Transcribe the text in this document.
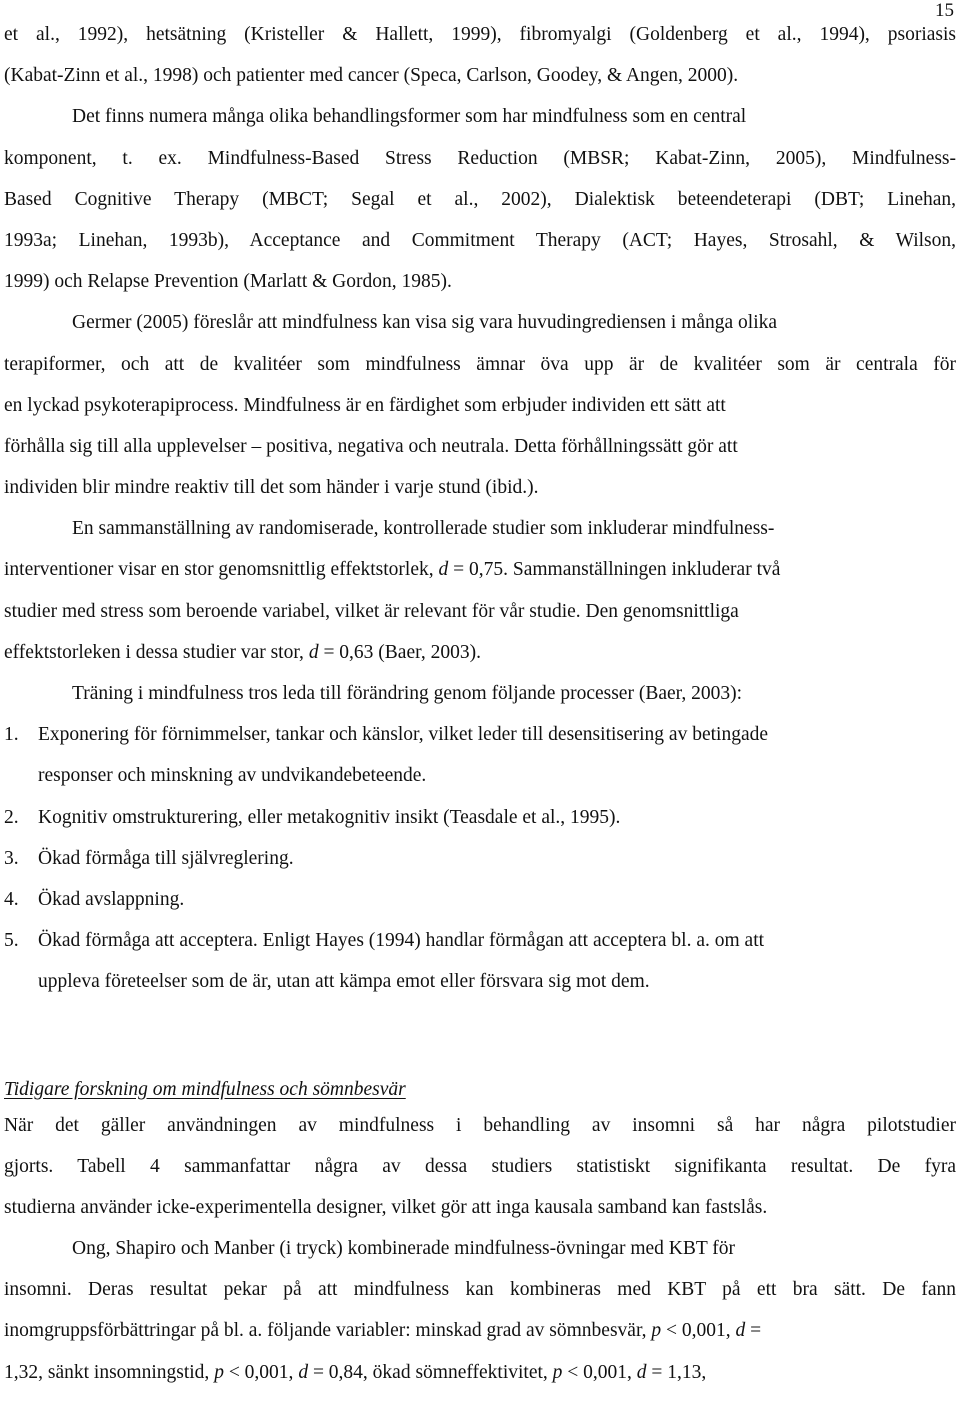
15
et al., 1992), hetsätning (Kristeller & Hallett, 1999), fibromyalgi (Goldenberg et al., 1994), psoriasis
(Kabat-Zinn et al., 1998) och patienter med cancer (Speca, Carlson, Goodey, & Angen, 2000).
Det finns numera många olika behandlingsformer som har mindfulness som en central
komponent, t. ex. Mindfulness-Based Stress Reduction (MBSR; Kabat-Zinn, 2005), Mindfulness-
Based Cognitive Therapy (MBCT; Segal et al., 2002), Dialektisk beteendeterapi (DBT; Linehan,
1993a; Linehan, 1993b), Acceptance and Commitment Therapy (ACT; Hayes, Strosahl, & Wilson,
1999) och Relapse Prevention (Marlatt & Gordon, 1985).
Germer (2005) föreslår att mindfulness kan visa sig vara huvudingrediensen i många olika
terapiformer, och att de kvalitéer som mindfulness ämnar öva upp är de kvalitéer som är centrala för
en lyckad psykoterapiprocess. Mindfulness är en färdighet som erbjuder individen ett sätt att
förhålla sig till alla upplevelser – positiva, negativa och neutrala. Detta förhållningssätt gör att
individen blir mindre reaktiv till det som händer i varje stund (ibid.).
En sammanställning av randomiserade, kontrollerade studier som inkluderar mindfulness-
interventioner visar en stor genomsnittlig effektstorlek, d = 0,75. Sammanställningen inkluderar två
studier med stress som beroende variabel, vilket är relevant för vår studie. Den genomsnittliga
effektstorleken i dessa studier var stor, d = 0,63 (Baer, 2003).
Träning i mindfulness tros leda till förändring genom följande processer (Baer, 2003):
1. Exponering för förnimmelser, tankar och känslor, vilket leder till desensitisering av betingade
responser och minskning av undvikandebeteende.
2. Kognitiv omstrukturering, eller metakognitiv insikt (Teasdale et al., 1995).
3. Ökad förmåga till självreglering.
4. Ökad avslappning.
5. Ökad förmåga att acceptera. Enligt Hayes (1994) handlar förmågan att acceptera bl. a. om att
uppleva företeelser som de är, utan att kämpa emot eller försvara sig mot dem.
Tidigare forskning om mindfulness och sömnbesvär
När det gäller användningen av mindfulness i behandling av insomni så har några pilotstudier
gjorts. Tabell 4 sammanfattar några av dessa studiers statistiskt signifikanta resultat. De fyra
studierna använder icke-experimentella designer, vilket gör att inga kausala samband kan fastslås.
Ong, Shapiro och Manber (i tryck) kombinerade mindfulness-övningar med KBT för
insomni. Deras resultat pekar på att mindfulness kan kombineras med KBT på ett bra sätt. De fann
inomgruppsförbättringar på bl. a. följande variabler: minskad grad av sömnbesvär, p < 0,001, d =
1,32, sänkt insomningstid, p < 0,001, d = 0,84, ökad sömneffektivitet, p < 0,001, d = 1,13,
